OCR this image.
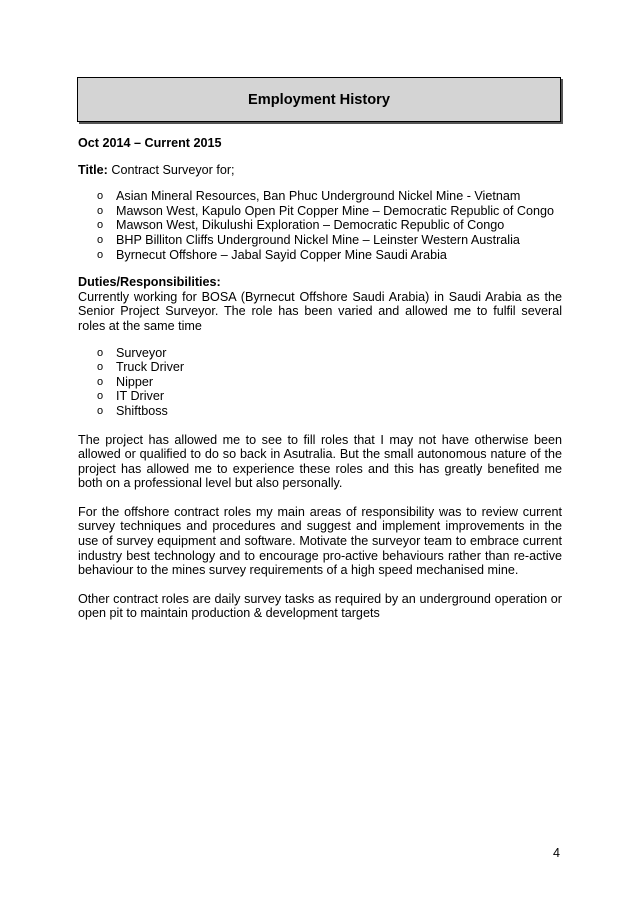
Employment History

Oct 2014 – Current 2015

Title: Contract Surveyor for;

o Asian Mineral Resources, Ban Phuc Underground Nickel Mine - Vietnam
o Mawson West, Kapulo Open Pit Copper Mine – Democratic Republic of Congo
o Mawson West, Dikulushi Exploration – Democratic Republic of Congo
o BHP Billiton Cliffs Underground Nickel Mine – Leinster Western Australia
o Byrnecut Offshore – Jabal Sayid Copper Mine Saudi Arabia

Duties/Responsibilities:

Currently working for BOSA (Byrnecut Offshore Saudi Arabia) in Saudi Arabia as the Senior Project Surveyor. The role has been varied and allowed me to fulfil several roles at the same time

o Surveyor
o Truck Driver
o Nipper
o IT Driver
o Shiftboss

The project has allowed me to see to fill roles that I may not have otherwise been allowed or qualified to do so back in Asutralia. But the small autonomous nature of the project has allowed me to experience these roles and this has greatly benefited me both on a professional level but also personally.

For the offshore contract roles my main areas of responsibility was to review current survey techniques and procedures and suggest and implement improvements in the use of survey equipment and software. Motivate the surveyor team to embrace current industry best technology and to encourage pro-active behaviours rather than re-active behaviour to the mines survey requirements of a high speed mechanised mine.

Other contract roles are daily survey tasks as required by an underground operation or open pit to maintain production & development targets

4
